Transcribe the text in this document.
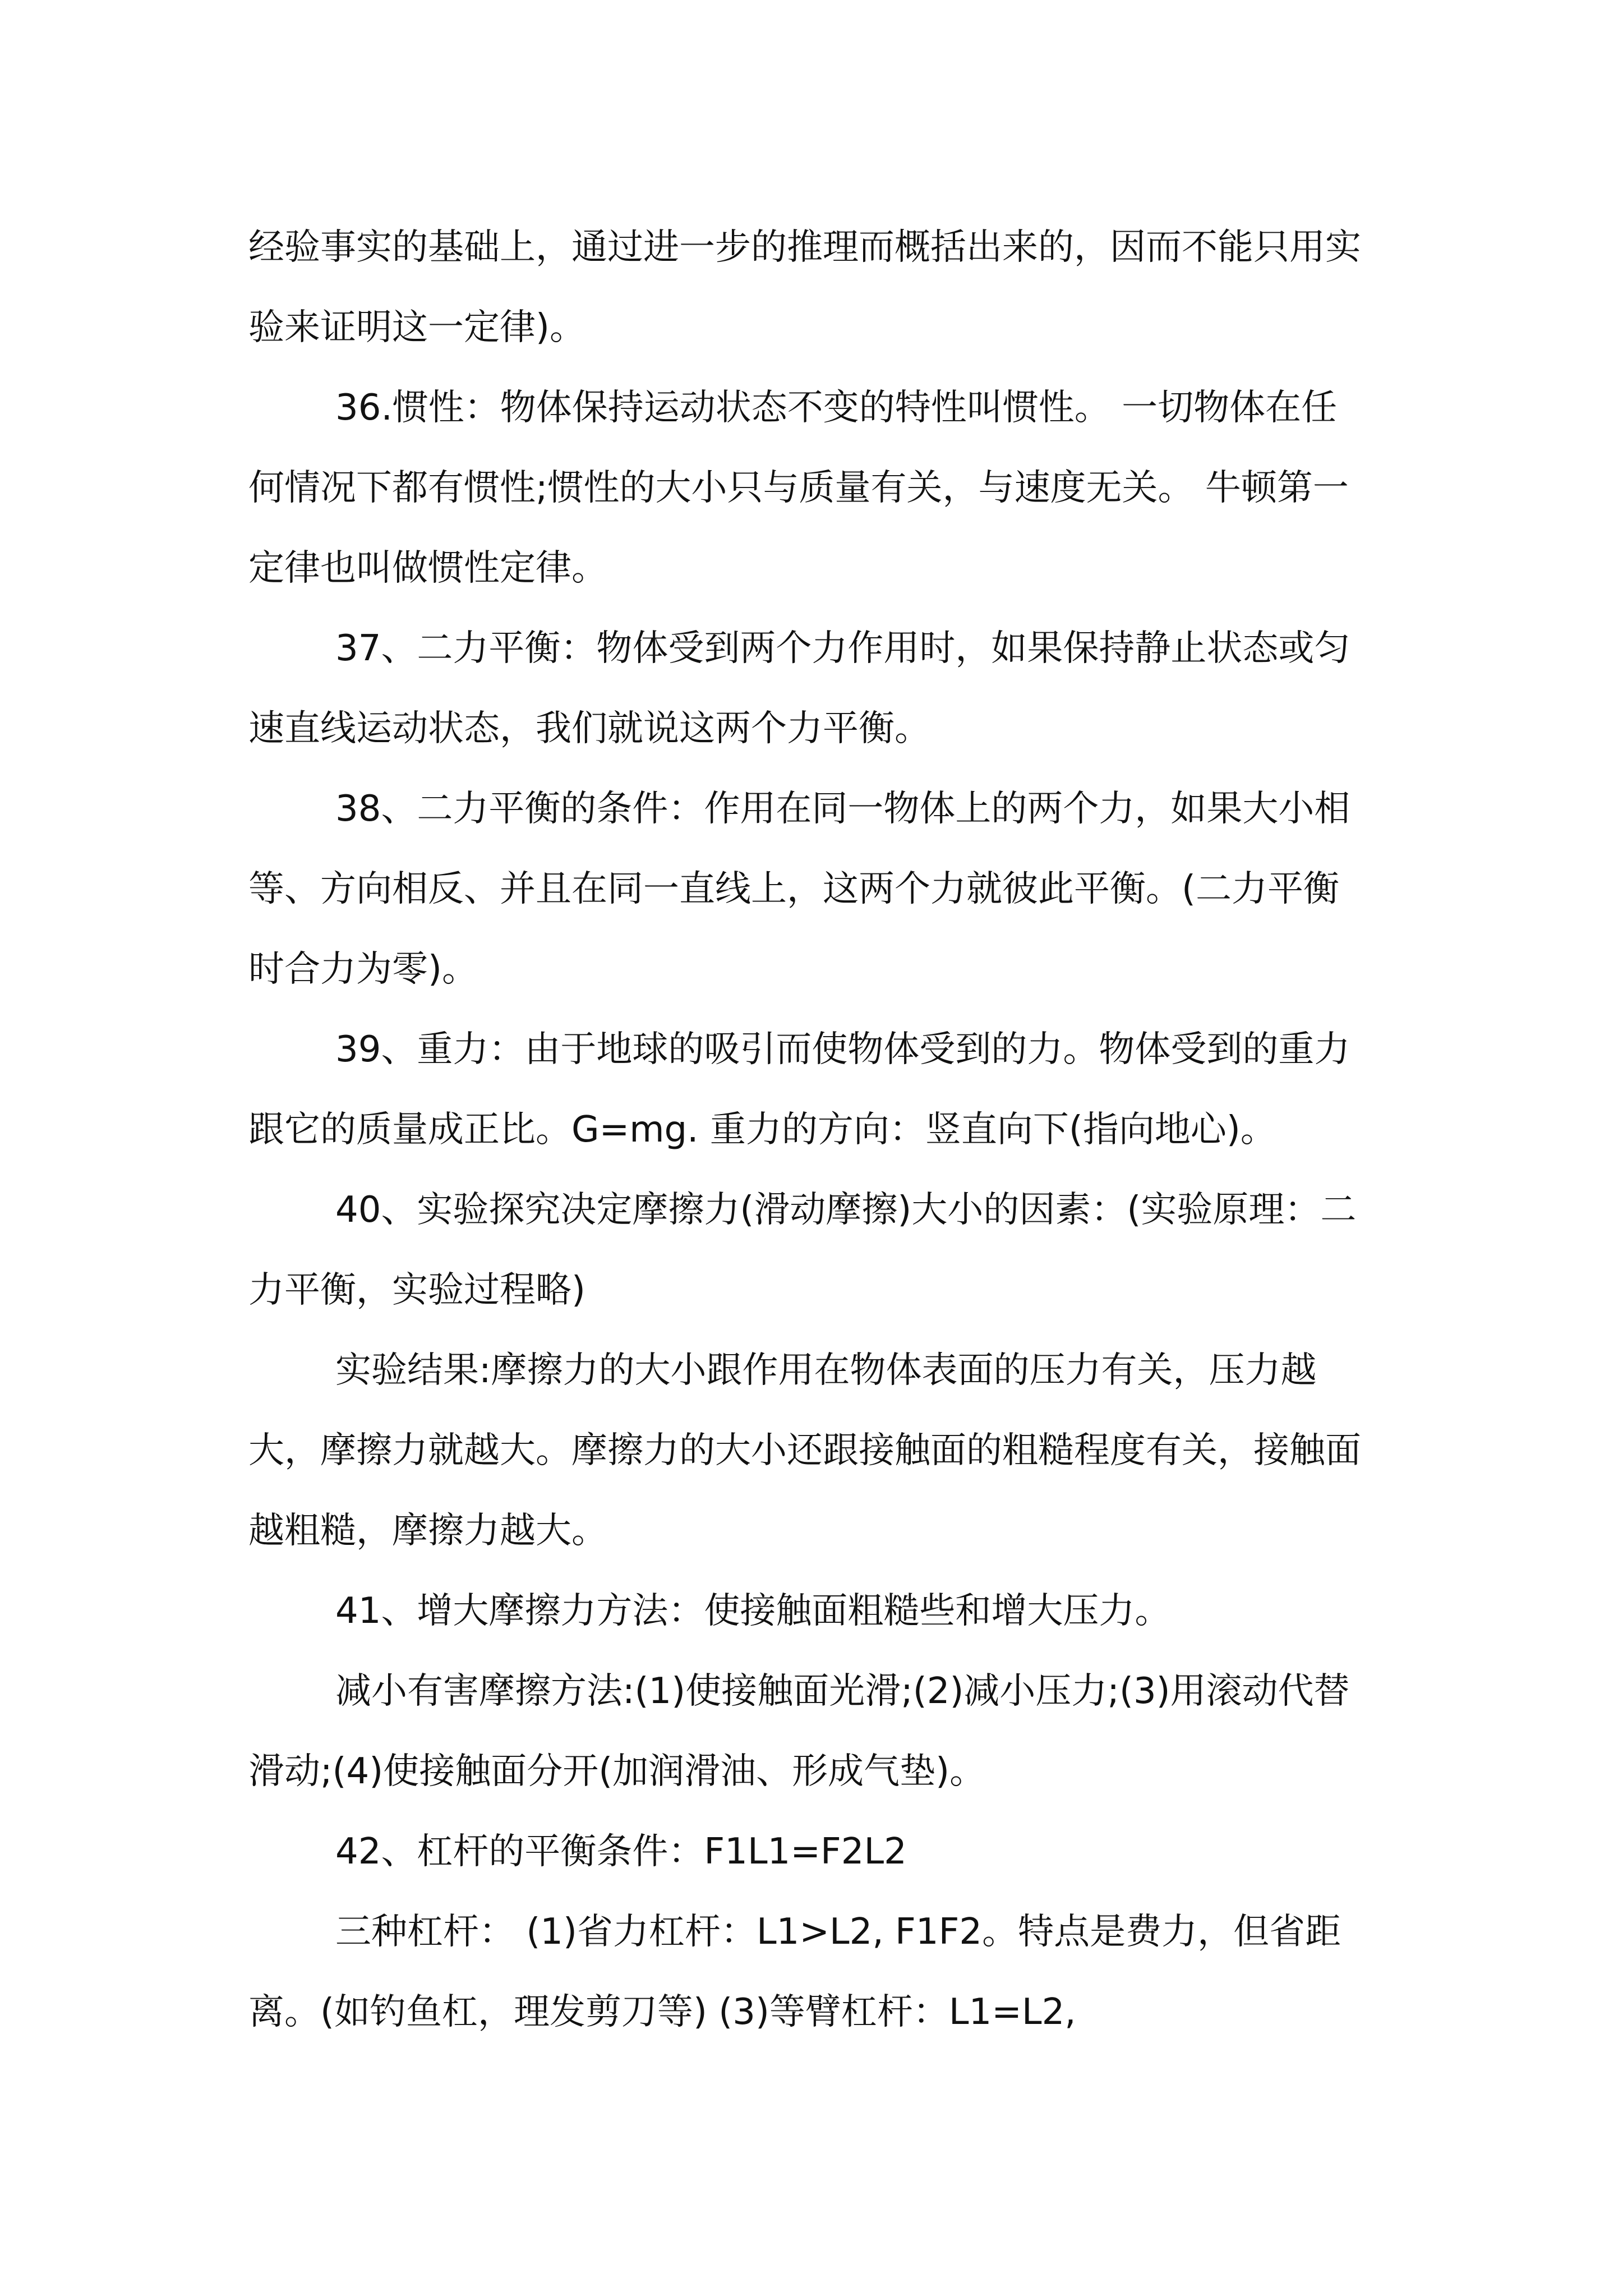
经验事实的基础上，通过进一步的推理而概括出来的，因而不能只用实验来证明这一定律)。

36.惯性：物体保持运动状态不变的特性叫惯性。 一切物体在任何情况下都有惯性;惯性的大小只与质量有关，与速度无关。 牛顿第一定律也叫做惯性定律。

37、二力平衡：物体受到两个力作用时，如果保持静止状态或匀速直线运动状态，我们就说这两个力平衡。

38、二力平衡的条件：作用在同一物体上的两个力，如果大小相等、方向相反、并且在同一直线上，这两个力就彼此平衡。(二力平衡时合力为零)。

39、重力：由于地球的吸引而使物体受到的力。物体受到的重力跟它的质量成正比。G=mg. 重力的方向：竖直向下(指向地心)。

40、实验探究决定摩擦力(滑动摩擦)大小的因素：(实验原理：二力平衡，实验过程略)

实验结果:摩擦力的大小跟作用在物体表面的压力有关，压力越大，摩擦力就越大。摩擦力的大小还跟接触面的粗糙程度有关，接触面越粗糙，摩擦力越大。

41、增大摩擦力方法：使接触面粗糙些和增大压力。

减小有害摩擦方法:(1)使接触面光滑;(2)减小压力;(3)用滚动代替滑动;(4)使接触面分开(加润滑油、形成气垫)。

42、杠杆的平衡条件：F1L1=F2L2

三种杠杆： (1)省力杠杆：L1>L2, F1F2。特点是费力，但省距离。(如钓鱼杠，理发剪刀等) (3)等臂杠杆：L1=L2,
